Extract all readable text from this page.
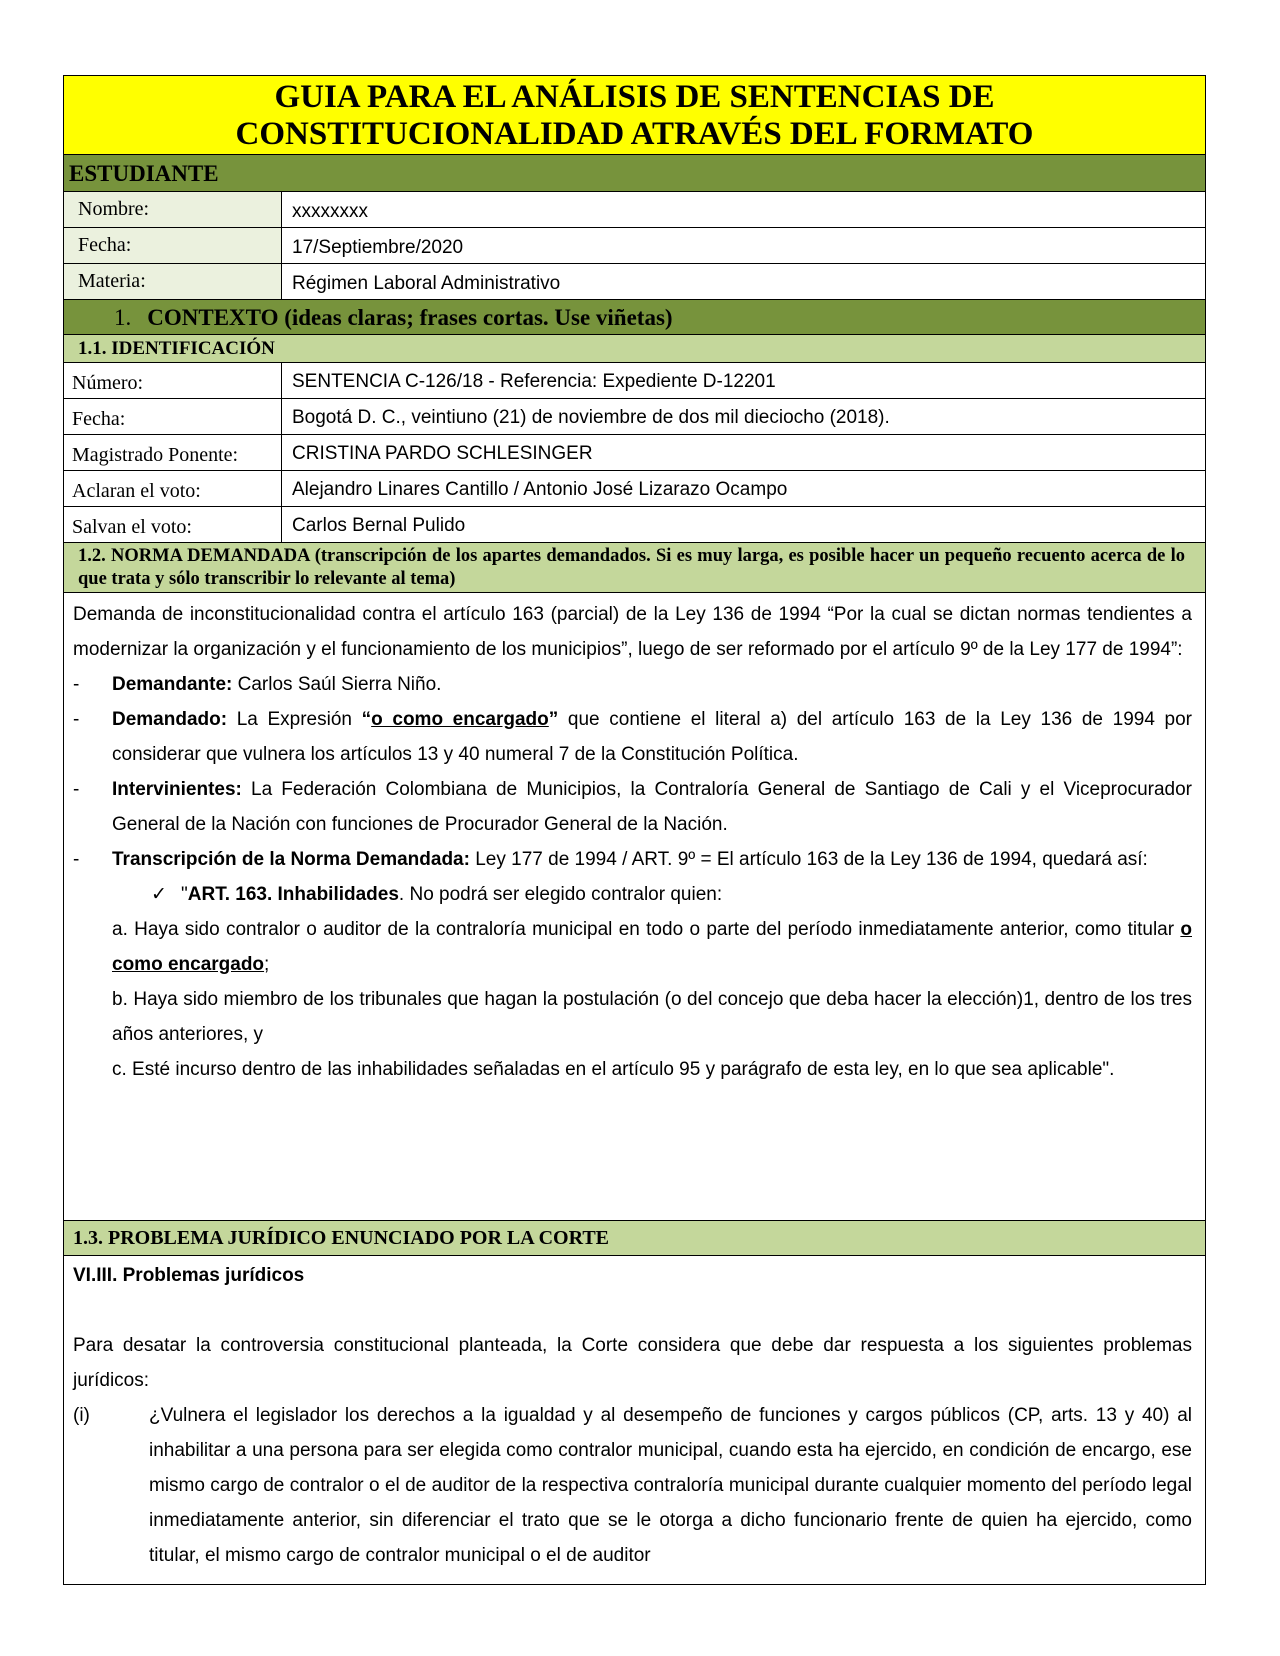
GUIA PARA EL ANÁLISIS DE SENTENCIAS DE
CONSTITUCIONALIDAD ATRAVÉS DEL FORMATO
ESTUDIANTE
Nombre:	xxxxxxxx
Fecha:	17/Septiembre/2020
Materia:	Régimen Laboral Administrativo
1. CONTEXTO (ideas claras; frases cortas. Use viñetas)
1.1. IDENTIFICACIÓN
Número:	SENTENCIA C-126/18 - Referencia: Expediente D-12201
Fecha:	Bogotá D. C., veintiuno (21) de noviembre de dos mil dieciocho (2018).
Magistrado Ponente:	CRISTINA PARDO SCHLESINGER
Aclaran el voto:	Alejandro Linares Cantillo / Antonio José Lizarazo Ocampo
Salvan el voto:	Carlos Bernal Pulido
1.2. NORMA DEMANDADA (transcripción de los apartes demandados. Si es muy larga, es posible hacer un pequeño recuento acerca de lo que trata y sólo transcribir lo relevante al tema)
Demanda de inconstitucionalidad contra el artículo 163 (parcial) de la Ley 136 de 1994 “Por la cual se dictan normas tendientes a modernizar la organización y el funcionamiento de los municipios”, luego de ser reformado por el artículo 9º de la Ley 177 de 1994”:
-	Demandante: Carlos Saúl Sierra Niño.
-	Demandado: La Expresión “o como encargado” que contiene el literal a) del artículo 163 de la Ley 136 de 1994 por considerar que vulnera los artículos 13 y 40 numeral 7 de la Constitución Política.
-	Intervinientes: La Federación Colombiana de Municipios, la Contraloría General de Santiago de Cali y el Viceprocurador General de la Nación con funciones de Procurador General de la Nación.
-	Transcripción de la Norma Demandada: Ley 177 de 1994 / ART. 9º = El artículo 163 de la Ley 136 de 1994, quedará así:
✓ "ART. 163. Inhabilidades. No podrá ser elegido contralor quien:
a. Haya sido contralor o auditor de la contraloría municipal en todo o parte del período inmediatamente anterior, como titular o como encargado;
b. Haya sido miembro de los tribunales que hagan la postulación (o del concejo que deba hacer la elección)1, dentro de los tres años anteriores, y
c. Esté incurso dentro de las inhabilidades señaladas en el artículo 95 y parágrafo de esta ley, en lo que sea aplicable".
1.3. PROBLEMA JURÍDICO ENUNCIADO POR LA CORTE
VI.III. Problemas jurídicos
Para desatar la controversia constitucional planteada, la Corte considera que debe dar respuesta a los siguientes problemas jurídicos:
(i)	¿Vulnera el legislador los derechos a la igualdad y al desempeño de funciones y cargos públicos (CP, arts. 13 y 40) al inhabilitar a una persona para ser elegida como contralor municipal, cuando esta ha ejercido, en condición de encargo, ese mismo cargo de contralor o el de auditor de la respectiva contraloría municipal durante cualquier momento del período legal inmediatamente anterior, sin diferenciar el trato que se le otorga a dicho funcionario frente de quien ha ejercido, como titular, el mismo cargo de contralor municipal o el de auditor
